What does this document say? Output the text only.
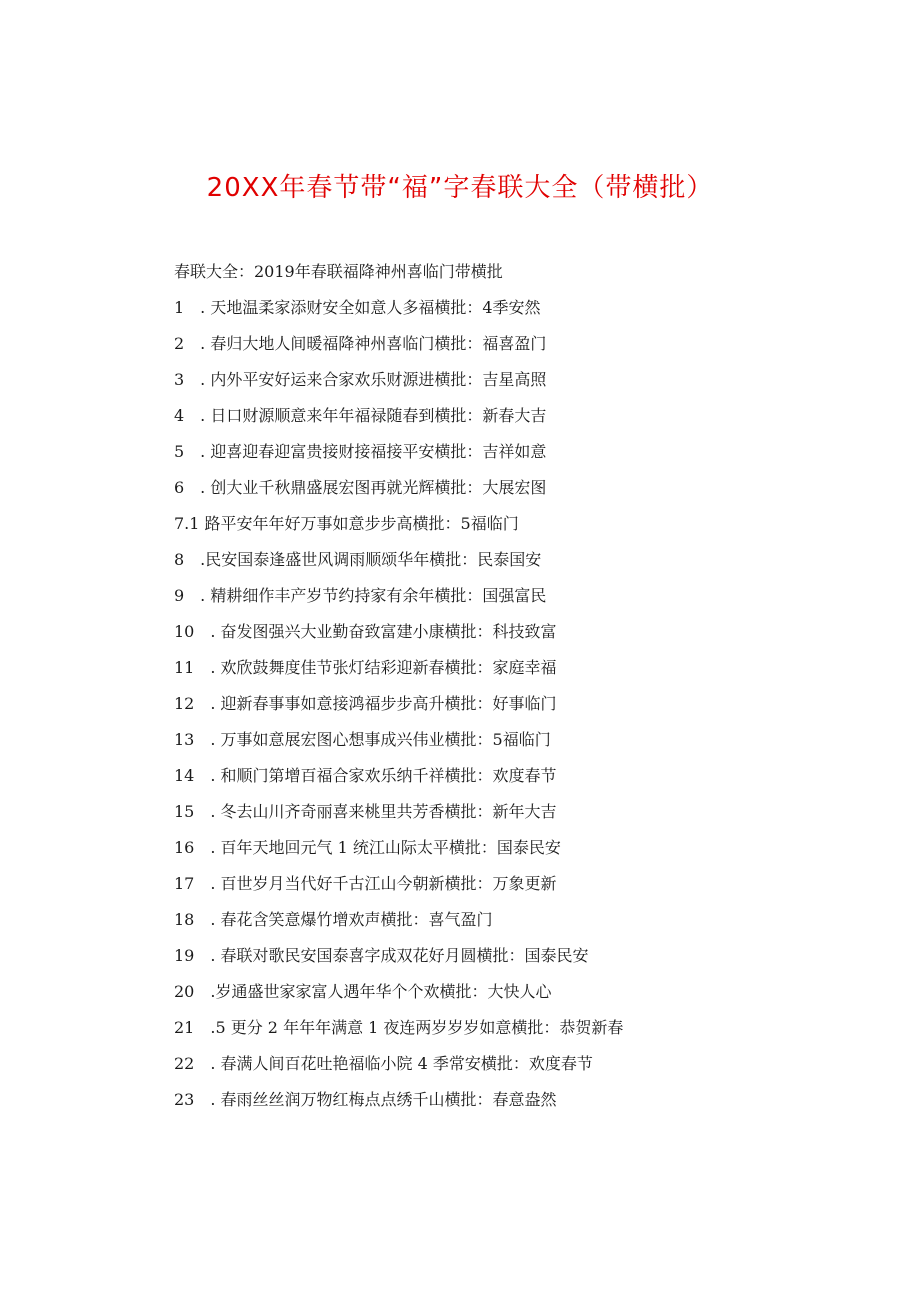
20XX年春节带“福”字春联大全（带横批）
春联大全：2019年春联福降神州喜临门带横批
1　. 天地温柔家添财安全如意人多福横批：4季安然
2　. 春归大地人间暖福降神州喜临门横批：福喜盈门
3　. 内外平安好运来合家欢乐财源进横批：吉星高照
4　. 日口财源顺意来年年福禄随春到横批：新春大吉
5　. 迎喜迎春迎富贵接财接福接平安横批：吉祥如意
6　. 创大业千秋鼎盛展宏图再就光辉横批：大展宏图
7.1 路平安年年好万事如意步步高横批：5福临门
8　.民安国泰逢盛世风调雨顺颂华年横批：民泰国安
9　. 精耕细作丰产岁节约持家有余年横批：国强富民
10　. 奋发图强兴大业勤奋致富建小康横批：科技致富
11　. 欢欣鼓舞度佳节张灯结彩迎新春横批：家庭幸福
12　. 迎新春事事如意接鸿福步步高升横批：好事临门
13　. 万事如意展宏图心想事成兴伟业横批：5福临门
14　. 和顺门第增百福合家欢乐纳千祥横批：欢度春节
15　. 冬去山川齐奇丽喜来桃里共芳香横批：新年大吉
16　. 百年天地回元气 1 统江山际太平横批：国泰民安
17　. 百世岁月当代好千古江山今朝新横批：万象更新
18　. 春花含笑意爆竹增欢声横批：喜气盈门
19　. 春联对歌民安国泰喜字成双花好月圆横批：国泰民安
20　.岁通盛世家家富人遇年华个个欢横批：大快人心
21　.5 更分 2 年年年满意 1 夜连两岁岁岁如意横批：恭贺新春
22　. 春满人间百花吐艳福临小院 4 季常安横批：欢度春节
23　. 春雨丝丝润万物红梅点点绣千山横批：春意盎然
